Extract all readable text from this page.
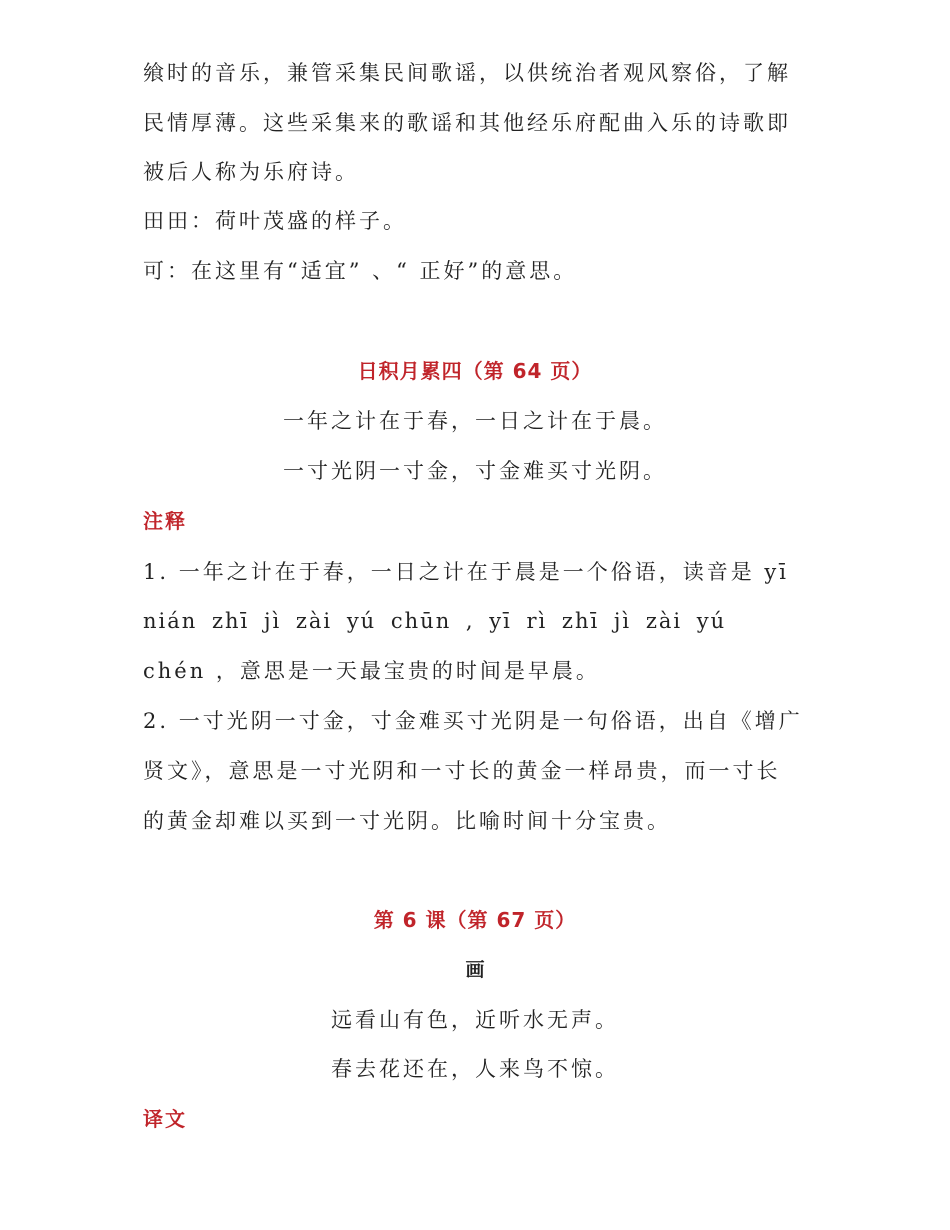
飨时的音乐，兼管采集民间歌谣，以供统治者观风察俗，了解
民情厚薄。这些采集来的歌谣和其他经乐府配曲入乐的诗歌即
被后人称为乐府诗。
田田：荷叶茂盛的样子。
可：在这里有“适宜” 、“ 正好”的意思。
日积月累四（第 64 页）
一年之计在于春，一日之计在于晨。
一寸光阴一寸金，寸金难买寸光阴。
注释
1. 一年之计在于春，一日之计在于晨是一个俗语，读音是 yī
nián zhī jì zài yú chūn , yī rì zhī jì zài yú
chén ，意思是一天最宝贵的时间是早晨。
2. 一寸光阴一寸金，寸金难买寸光阴是一句俗语，出自《增广
贤文》，意思是一寸光阴和一寸长的黄金一样昂贵，而一寸长
的黄金却难以买到一寸光阴。比喻时间十分宝贵。
第 6 课（第 67 页）
画
远看山有色，近听水无声。
春去花还在，人来鸟不惊。
译文
